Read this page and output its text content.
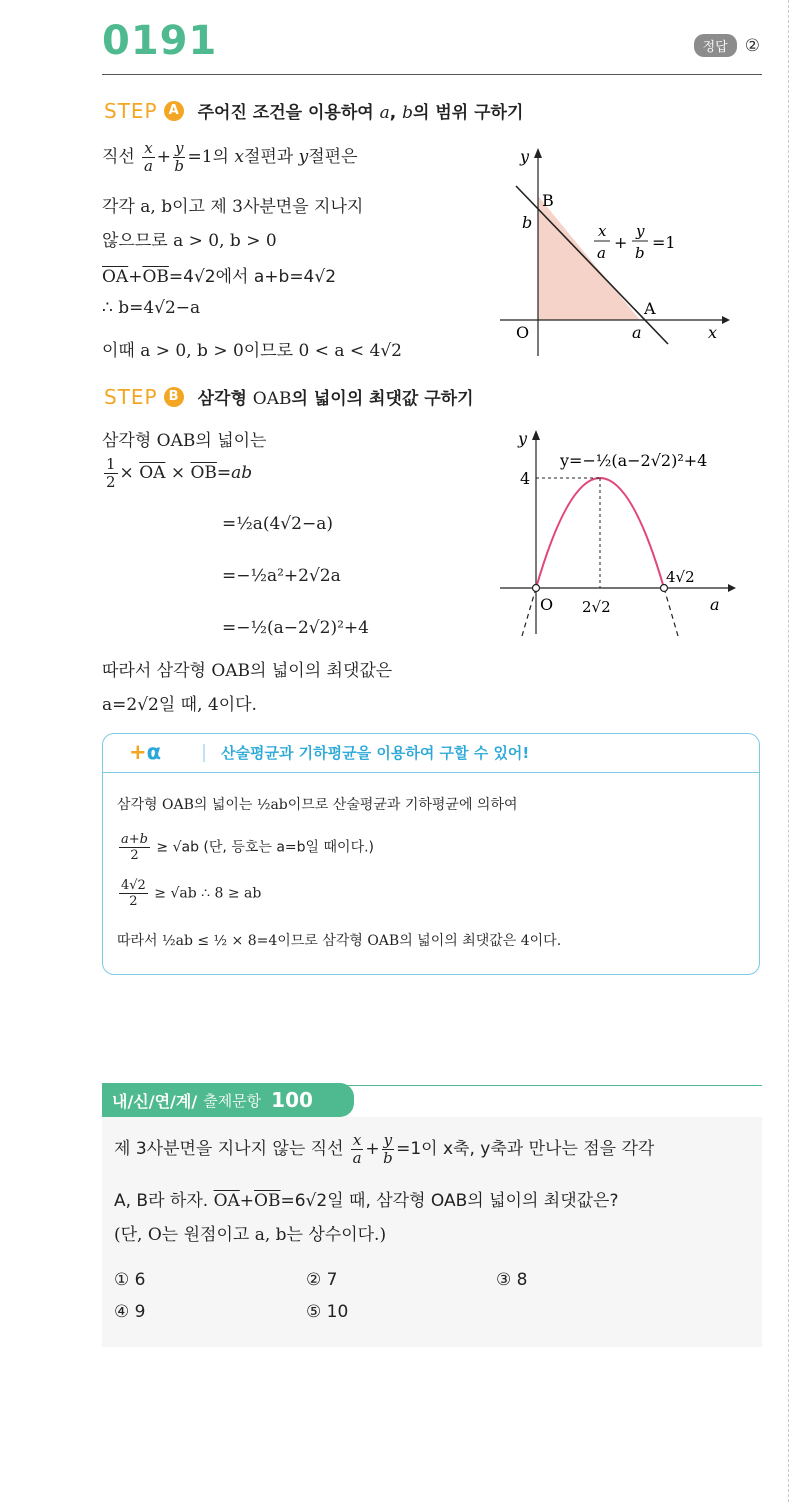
0191	정답	②
STEP A 주어진 조건을 이용하여 a, b의 범위 구하기
직선 $\frac{x}{a} + \frac{y}{b} =1$의 x절편과 y절편은
각각 a, b이고 제 3사분면을 지나지
않으므로 a > 0, b > 0
$\overline{OA}+\overline{OB}=4√2$에서 a+b=4√2
∴ b=4√2−a
이때 a > 0, b > 0이므로 0 < a < 4√2
y
x
B
b
A
a
O
x
a
+
y
b
=1
STEP B 삼각형 OAB의 넓이의 최댓값 구하기
삼각형 OAB의 넓이는
$\frac{1}{2} \times \overline{OA} \times \overline{OB}=ab$
=½a(4√2−a)
=−½a²+2√2a
=−½(a−2√2)²+4
따라서 삼각형 OAB의 넓이의 최댓값은
a=2√2일 때, 4이다.
y
a
4
O 2√2
4√2
y=−½(a−2√2)²+4
+α	산술평균과 기하평균을 이용하여 구할 수 있어!
삼각형 OAB의 넓이는 ½ab이므로 산술평균과 기하평균에 의하여
$\frac{a+b}{2} \ge √ab$ (단, 등호는 a=b일 때이다.)
$\frac{4√2}{2} \ge √ab$ ∴ 8 ≥ ab
따라서 ½ab ≤ ½ × 8=4이므로 삼각형 OAB의 넓이의 최댓값은 4이다.
내/신/연/계/ 출제문항 100
제 3사분면을 지나지 않는 직선 $\frac{x}{a} + \frac{y}{b} =1$이 x축, y축과 만나는 점을 각각
A, B라 하자. $\overline{OA}+\overline{OB}=6√2$일 때, 삼각형 OAB의 넓이의 최댓값은?
(단, O는 원점이고 a, b는 상수이다.)
① 6	② 7	③ 8
④ 9	⑤ 10
